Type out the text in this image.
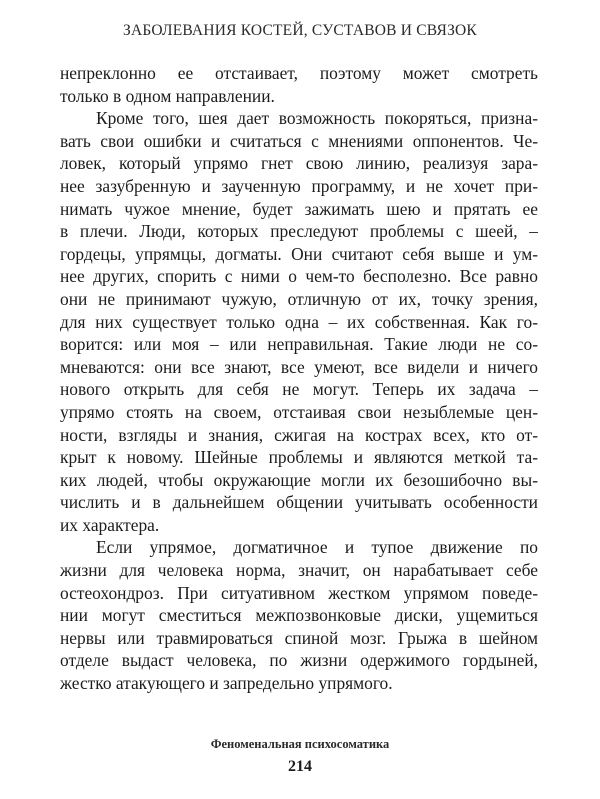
ЗАБОЛЕВАНИЯ КОСТЕЙ, СУСТАВОВ И СВЯЗОК
непреклонно ее отстаивает, поэтому может смотреть
только в одном направлении.
Кроме того, шея дает возможность покоряться, призна-
вать свои ошибки и считаться с мнениями оппонентов. Че-
ловек, который упрямо гнет свою линию, реализуя зара-
нее зазубренную и заученную программу, и не хочет при-
нимать чужое мнение, будет зажимать шею и прятать ее
в плечи. Люди, которых преследуют проблемы с шеей, –
гордецы, упрямцы, догматы. Они считают себя выше и ум-
нее других, спорить с ними о чем-то бесполезно. Все равно
они не принимают чужую, отличную от их, точку зрения,
для них существует только одна – их собственная. Как го-
ворится: или моя – или неправильная. Такие люди не со-
мневаются: они все знают, все умеют, все видели и ничего
нового открыть для себя не могут. Теперь их задача –
упрямо стоять на своем, отстаивая свои незыблемые цен-
ности, взгляды и знания, сжигая на кострах всех, кто от-
крыт к новому. Шейные проблемы и являются меткой та-
ких людей, чтобы окружающие могли их безошибочно вы-
числить и в дальнейшем общении учитывать особенности
их характера.
Если упрямое, догматичное и тупое движение по
жизни для человека норма, значит, он нарабатывает себе
остеохондроз. При ситуативном жестком упрямом поведе-
нии могут сместиться межпозвонковые диски, ущемиться
нервы или травмироваться спиной мозг. Грыжа в шейном
отделе выдаст человека, по жизни одержимого гордыней,
жестко атакующего и запредельно упрямого.
Феноменальная психосоматика
214
